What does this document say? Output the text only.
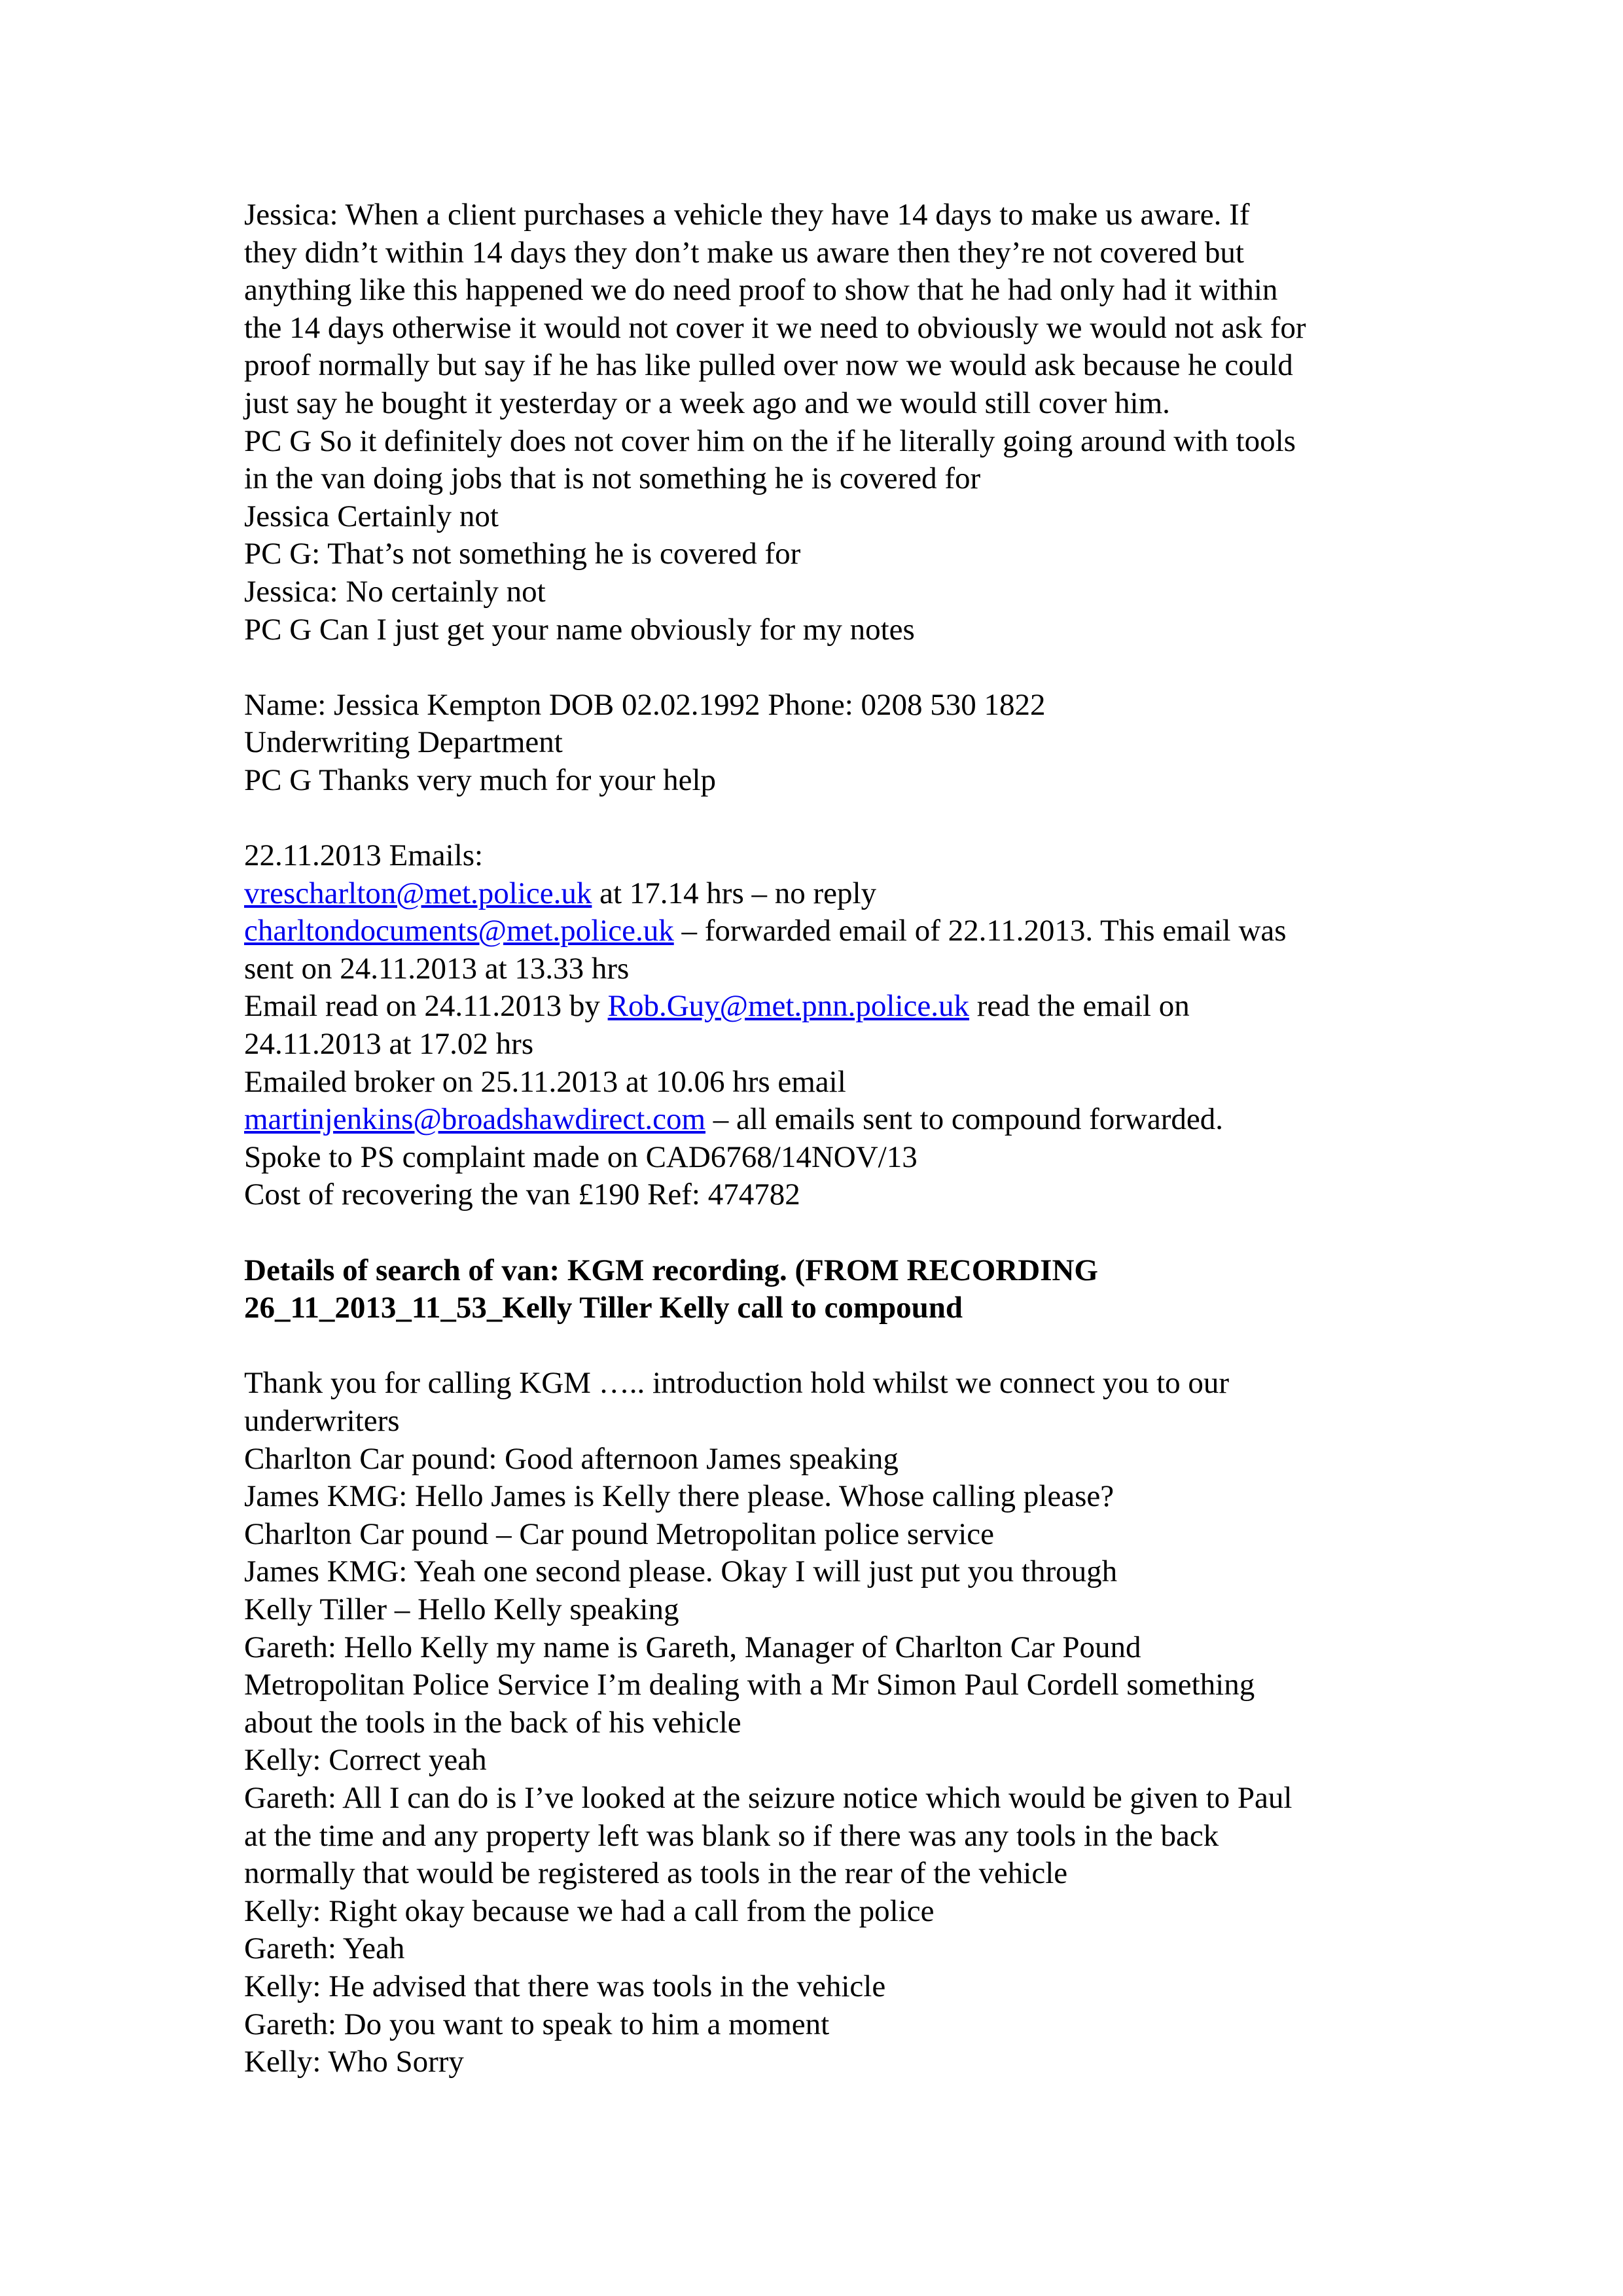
Jessica: When a client purchases a vehicle they have 14 days to make us aware. If
they didn’t within 14 days they don’t make us aware then they’re not covered but
anything like this happened we do need proof to show that he had only had it within
the 14 days otherwise it would not cover it we need to obviously we would not ask for
proof normally but say if he has like pulled over now we would ask because he could
just say he bought it yesterday or a week ago and we would still cover him.
PC G So it definitely does not cover him on the if he literally going around with tools
in the van doing jobs that is not something he is covered for
Jessica Certainly not
PC G: That’s not something he is covered for
Jessica: No certainly not
PC G Can I just get your name obviously for my notes
Name: Jessica Kempton DOB 02.02.1992 Phone: 0208 530 1822
Underwriting Department
PC G Thanks very much for your help
22.11.2013 Emails:
vrescharlton@met.police.uk at 17.14 hrs – no reply
charltondocuments@met.police.uk – forwarded email of 22.11.2013. This email was
sent on 24.11.2013 at 13.33 hrs
Email read on 24.11.2013 by Rob.Guy@met.pnn.police.uk read the email on
24.11.2013 at 17.02 hrs
Emailed broker on 25.11.2013 at 10.06 hrs email
martinjenkins@broadshawdirect.com – all emails sent to compound forwarded.
Spoke to PS complaint made on CAD6768/14NOV/13
Cost of recovering the van £190 Ref: 474782
Details of search of van: KGM recording. (FROM RECORDING
26_11_2013_11_53_Kelly Tiller Kelly call to compound
Thank you for calling KGM ….. introduction hold whilst we connect you to our
underwriters
Charlton Car pound: Good afternoon James speaking
James KMG: Hello James is Kelly there please. Whose calling please?
Charlton Car pound – Car pound Metropolitan police service
James KMG: Yeah one second please. Okay I will just put you through
Kelly Tiller – Hello Kelly speaking
Gareth: Hello Kelly my name is Gareth, Manager of Charlton Car Pound
Metropolitan Police Service I’m dealing with a Mr Simon Paul Cordell something
about the tools in the back of his vehicle
Kelly: Correct yeah
Gareth: All I can do is I’ve looked at the seizure notice which would be given to Paul
at the time and any property left was blank so if there was any tools in the back
normally that would be registered as tools in the rear of the vehicle
Kelly: Right okay because we had a call from the police
Gareth: Yeah
Kelly: He advised that there was tools in the vehicle
Gareth: Do you want to speak to him a moment
Kelly: Who Sorry
